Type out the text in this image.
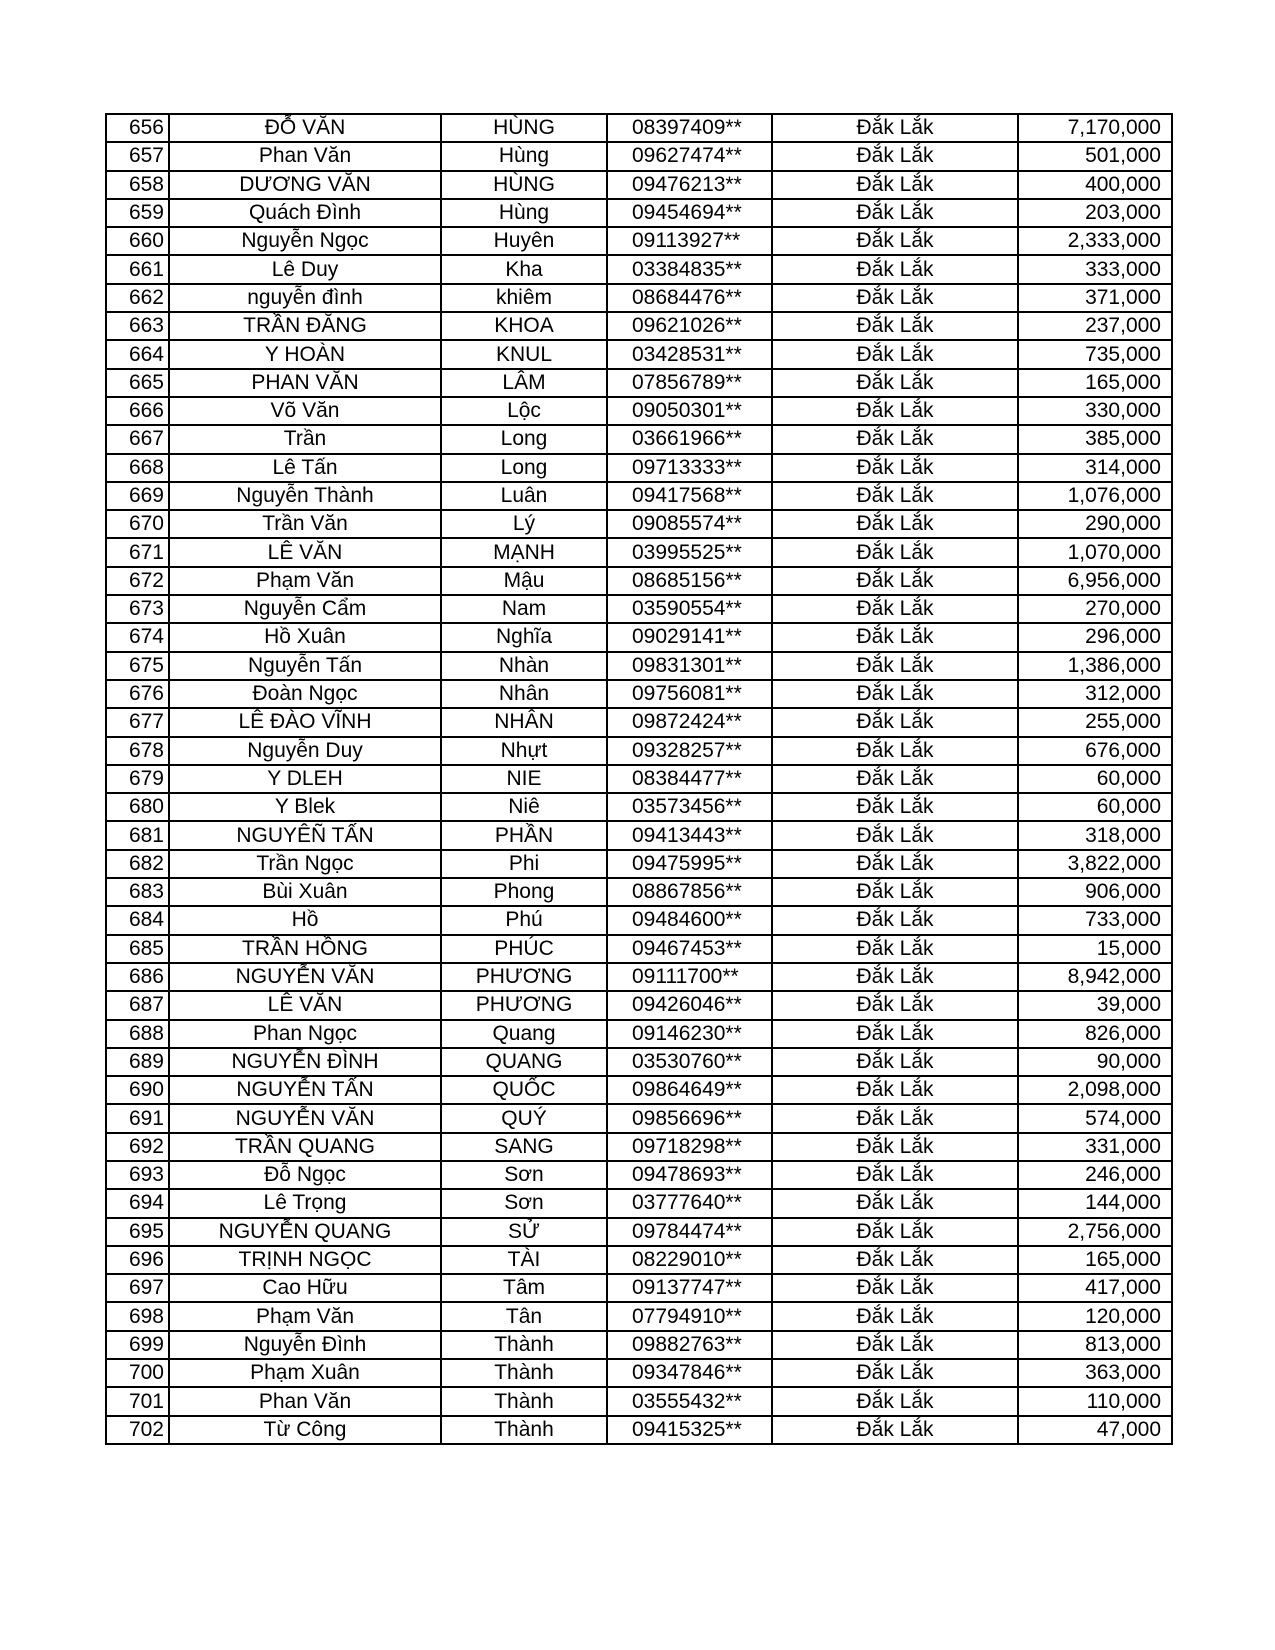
656	ĐỖ VĂN	HÙNG	08397409**	Đắk Lắk	7,170,000
657	Phan Văn	Hùng	09627474**	Đắk Lắk	501,000
658	DƯƠNG VĂN	HÙNG	09476213**	Đắk Lắk	400,000
659	Quách Đình	Hùng	09454694**	Đắk Lắk	203,000
660	Nguyễn Ngọc	Huyên	09113927**	Đắk Lắk	2,333,000
661	Lê Duy	Kha	03384835**	Đắk Lắk	333,000
662	nguyễn đình	khiêm	08684476**	Đắk Lắk	371,000
663	TRẦN ĐĂNG	KHOA	09621026**	Đắk Lắk	237,000
664	Y HOÀN	KNUL	03428531**	Đắk Lắk	735,000
665	PHAN VĂN	LÂM	07856789**	Đắk Lắk	165,000
666	Võ Văn	Lộc	09050301**	Đắk Lắk	330,000
667	Trần	Long	03661966**	Đắk Lắk	385,000
668	Lê Tấn	Long	09713333**	Đắk Lắk	314,000
669	Nguyễn Thành	Luân	09417568**	Đắk Lắk	1,076,000
670	Trần Văn	Lý	09085574**	Đắk Lắk	290,000
671	LÊ VĂN	MẠNH	03995525**	Đắk Lắk	1,070,000
672	Phạm Văn	Mậu	08685156**	Đắk Lắk	6,956,000
673	Nguyễn Cẩm	Nam	03590554**	Đắk Lắk	270,000
674	Hồ Xuân	Nghĩa	09029141**	Đắk Lắk	296,000
675	Nguyễn Tấn	Nhàn	09831301**	Đắk Lắk	1,386,000
676	Đoàn Ngọc	Nhân	09756081**	Đắk Lắk	312,000
677	LÊ ĐÀO VĨNH	NHÂN	09872424**	Đắk Lắk	255,000
678	Nguyễn Duy	Nhựt	09328257**	Đắk Lắk	676,000
679	Y DLEH	NIE	08384477**	Đắk Lắk	60,000
680	Y Blek	Niê	03573456**	Đắk Lắk	60,000
681	NGUYÊÑ TẤN	PHẦN	09413443**	Đắk Lắk	318,000
682	Trần Ngọc	Phi	09475995**	Đắk Lắk	3,822,000
683	Bùi Xuân	Phong	08867856**	Đắk Lắk	906,000
684	Hồ	Phú	09484600**	Đắk Lắk	733,000
685	TRẦN HỒNG	PHÚC	09467453**	Đắk Lắk	15,000
686	NGUYỄN VĂN	PHƯƠNG	09111700**	Đắk Lắk	8,942,000
687	LÊ VĂN	PHƯƠNG	09426046**	Đắk Lắk	39,000
688	Phan Ngọc	Quang	09146230**	Đắk Lắk	826,000
689	NGUYỄN ĐÌNH	QUANG	03530760**	Đắk Lắk	90,000
690	NGUYỄN TẤN	QUỐC	09864649**	Đắk Lắk	2,098,000
691	NGUYỄN VĂN	QUÝ	09856696**	Đắk Lắk	574,000
692	TRẦN QUANG	SANG	09718298**	Đắk Lắk	331,000
693	Đỗ Ngọc	Sơn	09478693**	Đắk Lắk	246,000
694	Lê Trọng	Sơn	03777640**	Đắk Lắk	144,000
695	NGUYỄN QUANG	SỬ	09784474**	Đắk Lắk	2,756,000
696	TRỊNH NGỌC	TÀI	08229010**	Đắk Lắk	165,000
697	Cao Hữu	Tâm	09137747**	Đắk Lắk	417,000
698	Phạm Văn	Tân	07794910**	Đắk Lắk	120,000
699	Nguyễn Đình	Thành	09882763**	Đắk Lắk	813,000
700	Phạm Xuân	Thành	09347846**	Đắk Lắk	363,000
701	Phan Văn	Thành	03555432**	Đắk Lắk	110,000
702	Từ Công	Thành	09415325**	Đắk Lắk	47,000
